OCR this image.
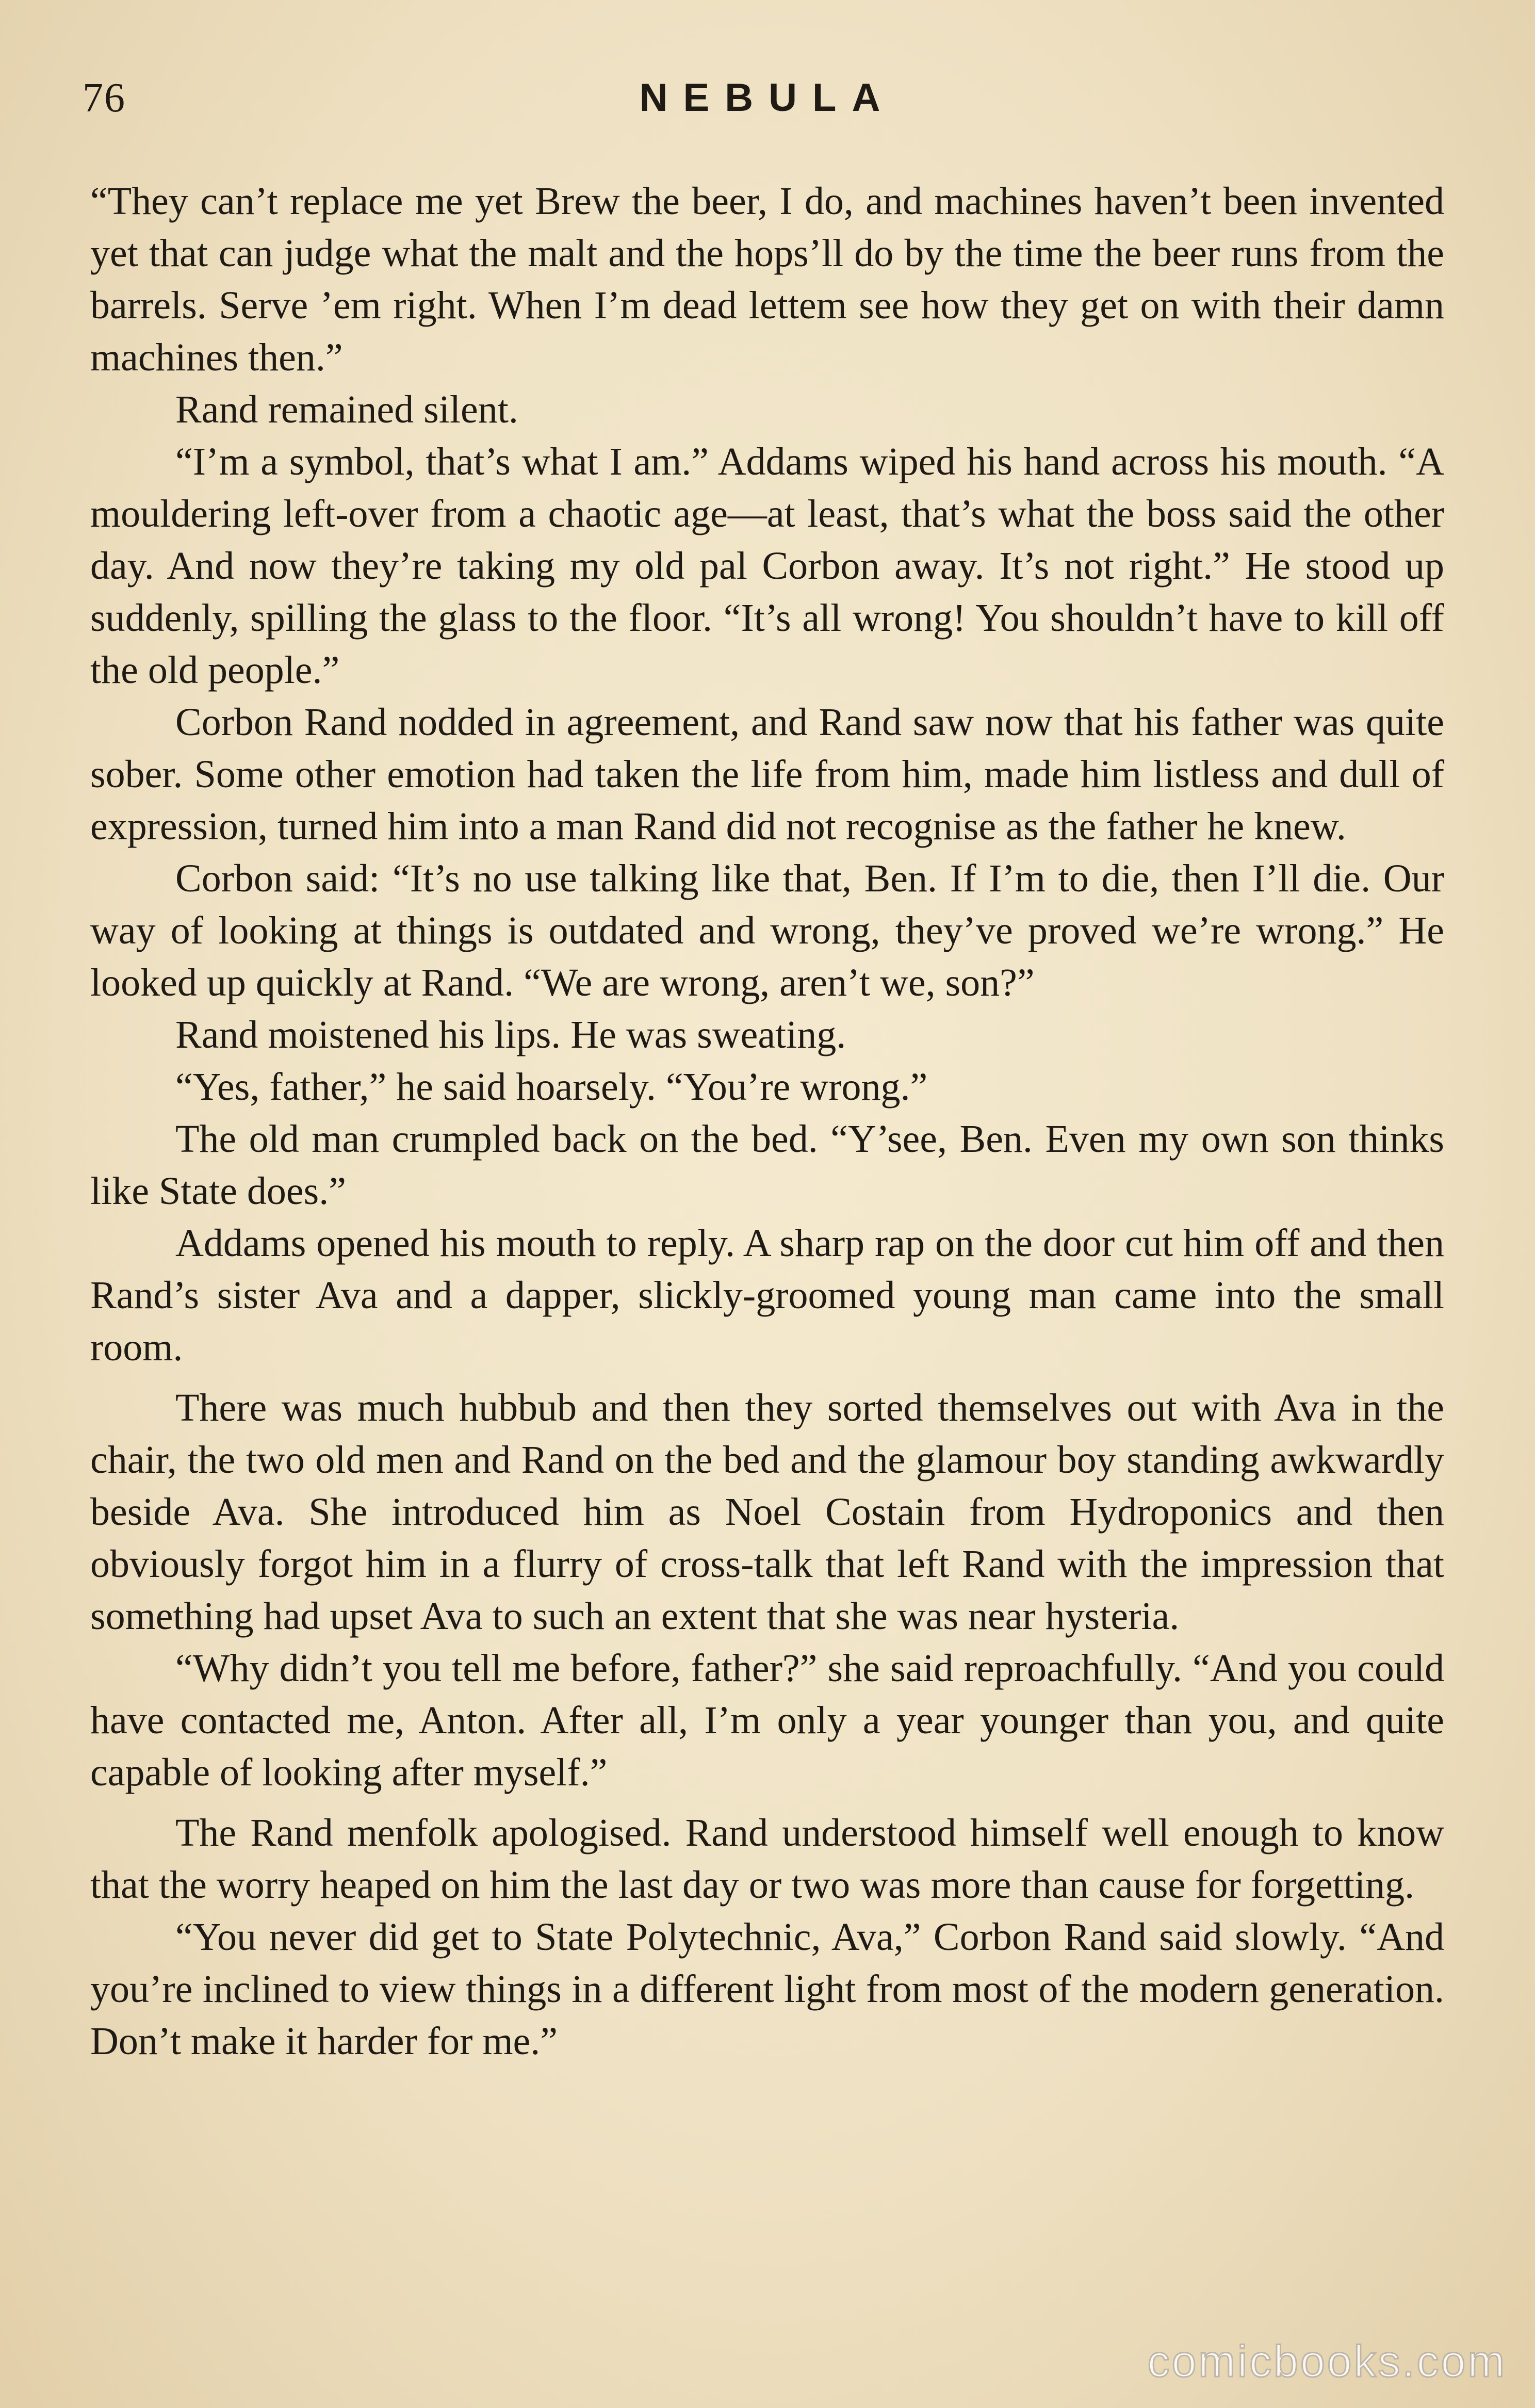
76	NEBULA

“They can’t replace me yet Brew the beer, I do, and machines haven’t been invented yet that can judge what the malt and the hops’ll do by the time the beer runs from the barrels. Serve ’em right. When I’m dead lettem see how they get on with their damn machines then.”

Rand remained silent.

“I’m a symbol, that’s what I am.” Addams wiped his hand across his mouth. “A mouldering left-over from a chaotic age—at least, that’s what the boss said the other day. And now they’re taking my old pal Corbon away. It’s not right.” He stood up suddenly, spilling the glass to the floor. “It’s all wrong! You shouldn’t have to kill off the old people.”

Corbon Rand nodded in agreement, and Rand saw now that his father was quite sober. Some other emotion had taken the life from him, made him listless and dull of expression, turned him into a man Rand did not recognise as the father he knew.

Corbon said: “It’s no use talking like that, Ben. If I’m to die, then I’ll die. Our way of looking at things is outdated and wrong, they’ve proved we’re wrong.” He looked up quickly at Rand. “We are wrong, aren’t we, son?”

Rand moistened his lips. He was sweating.

“Yes, father,” he said hoarsely. “You’re wrong.”

The old man crumpled back on the bed. “Y’see, Ben. Even my own son thinks like State does.”

Addams opened his mouth to reply. A sharp rap on the door cut him off and then Rand’s sister Ava and a dapper, slickly-groomed young man came into the small room.

There was much hubbub and then they sorted themselves out with Ava in the chair, the two old men and Rand on the bed and the glamour boy standing awkwardly beside Ava. She introduced him as Noel Costain from Hydroponics and then obviously forgot him in a flurry of cross-talk that left Rand with the impression that something had upset Ava to such an extent that she was near hysteria.

“Why didn’t you tell me before, father?” she said reproachfully. “And you could have contacted me, Anton. After all, I’m only a year younger than you, and quite capable of looking after myself.”

The Rand menfolk apologised. Rand understood himself well enough to know that the worry heaped on him the last day or two was more than cause for forgetting.

“You never did get to State Polytechnic, Ava,” Corbon Rand said slowly. “And you’re inclined to view things in a different light from most of the modern generation. Don’t make it harder for me.”

comicbooks.com
